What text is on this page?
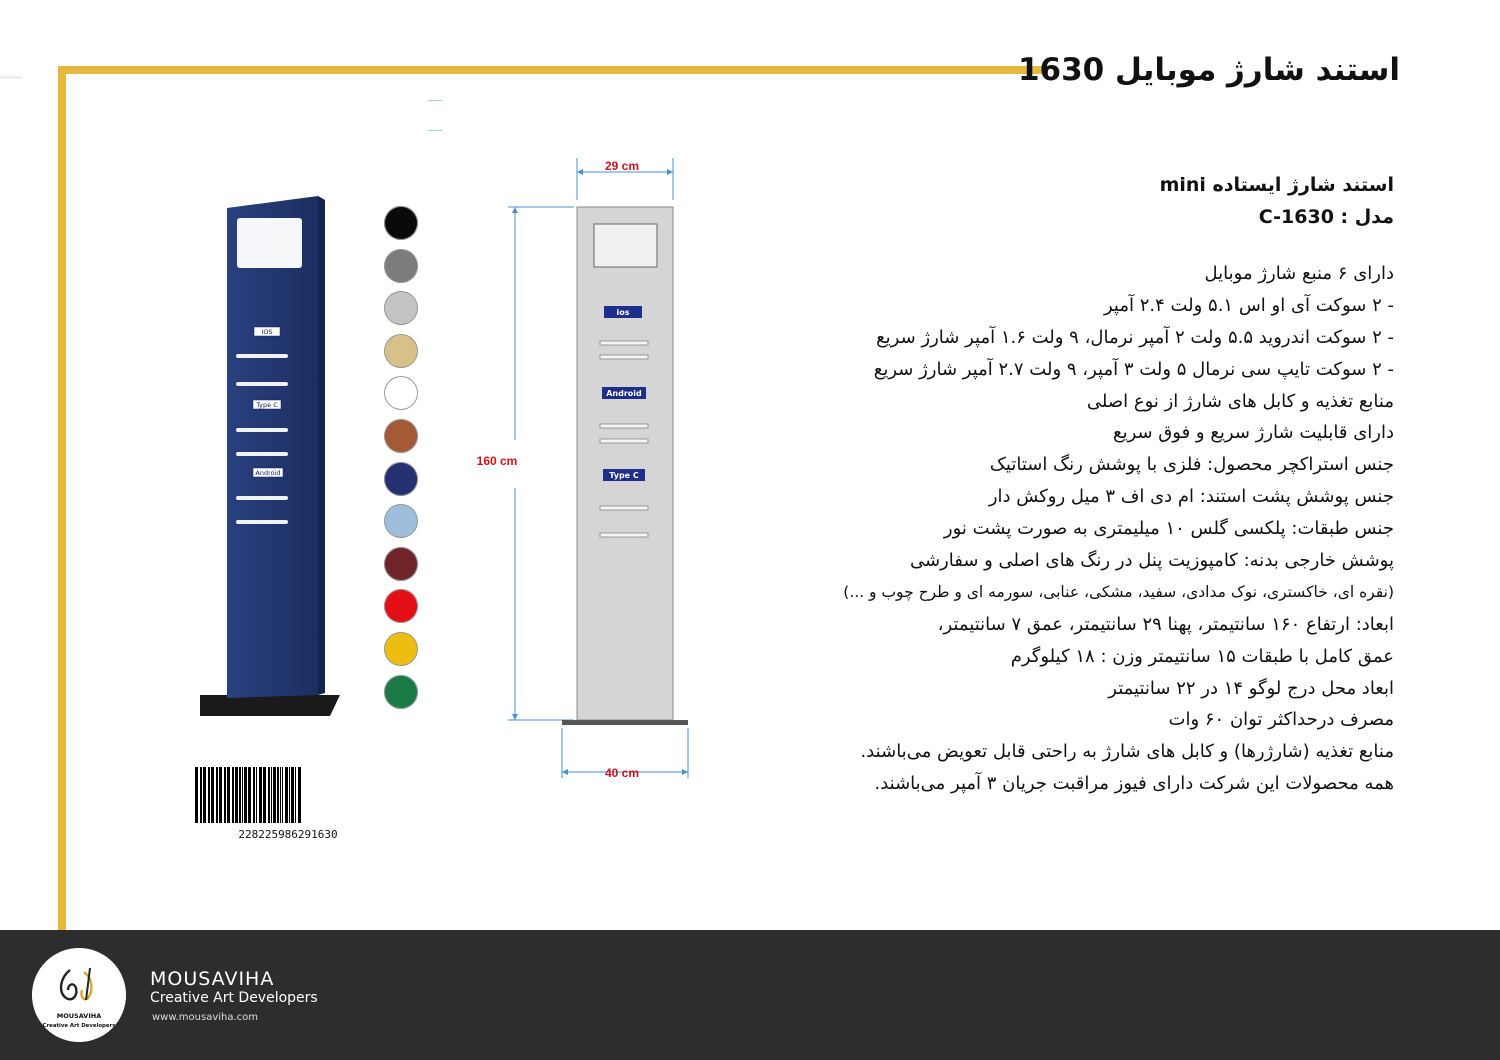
استند شارژ موبایل 1630
استند شارژ ایستاده mini
مدل : C-1630
دارای ۶ منبع شارژ موبایل
- ۲ سوکت آی او اس ۵.۱ ولت ۲.۴ آمپر
- ۲ سوکت اندروید ۵.۵ ولت ۲ آمپر نرمال، ۹ ولت ۱.۶ آمپر شارژ سریع
- ۲ سوکت تایپ سی نرمال ۵ ولت ۳ آمپر، ۹ ولت ۲.۷ آمپر شارژ سریع
منابع تغذیه و کابل های شارژ از نوع اصلی
دارای قابلیت شارژ سریع و فوق سریع
جنس استراکچر محصول: فلزی با پوشش رنگ استاتیک
جنس پوشش پشت استند: ام دی اف ۳ میل روکش دار
جنس طبقات: پلکسی گلس ۱۰ میلیمتری به صورت پشت نور
پوشش خارجی بدنه: کامپوزیت پنل در رنگ های اصلی و سفارشی
(نقره ای، خاکستری، نوک مدادی، سفید، مشکی، عنابی، سورمه ای و طرح چوب و ...)
ابعاد: ارتفاع ۱۶۰ سانتیمتر، پهنا ۲۹ سانتیمتر، عمق ۷ سانتیمتر،
عمق کامل با طبقات ۱۵ سانتیمتر وزن : ۱۸ کیلوگرم
ابعاد محل درج لوگو ۱۴ در ۲۲ سانتیمتر
مصرف درحداکثر توان ۶۰ وات
منابع تغذیه (شارژرها) و کابل های شارژ به راحتی قابل تعویض می‌باشند.
همه محصولات این شرکت دارای فیوز مراقبت جریان ۳ آمپر می‌باشند.
IOS
Type C
Android
29 cm
160 cm
40 cm
ios
Android
Type C
228225986291630
MOUSAVIHA
Creative Art Developers
MOUSAVIHA
Creative Art Developers
www.mousaviha.com
